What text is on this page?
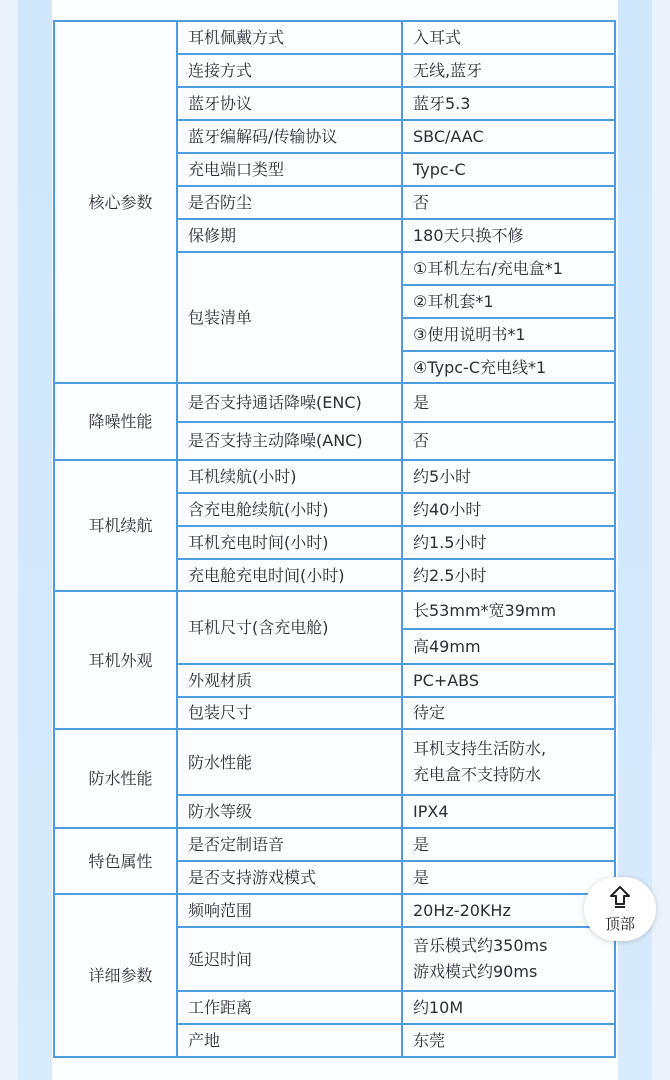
核心参数	耳机佩戴方式	入耳式
	连接方式	无线,蓝牙
	蓝牙协议	蓝牙5.3
	蓝牙编解码/传输协议	SBC/AAC
	充电端口类型	Typc-C
	是否防尘	否
	保修期	180天只换不修
	包装清单	①耳机左右/充电盒*1
		②耳机套*1
		③使用说明书*1
		④Typc-C充电线*1
降噪性能	是否支持通话降噪(ENC)	是
	是否支持主动降噪(ANC)	否
耳机续航	耳机续航(小时)	约5小时
	含充电舱续航(小时)	约40小时
	耳机充电时间(小时)	约1.5小时
	充电舱充电时间(小时)	约2.5小时
耳机外观	耳机尺寸(含充电舱)	长53mm*宽39mm
		高49mm
	外观材质	PC+ABS
	包装尺寸	待定
防水性能	防水性能	耳机支持生活防水,
充电盒不支持防水
	防水等级	IPX4
特色属性	是否定制语音	是
	是否支持游戏模式	是
详细参数	频响范围	20Hz-20KHz
	延迟时间	音乐模式约350ms
游戏模式约90ms
	工作距离	约10M
	产地	东莞
顶部
